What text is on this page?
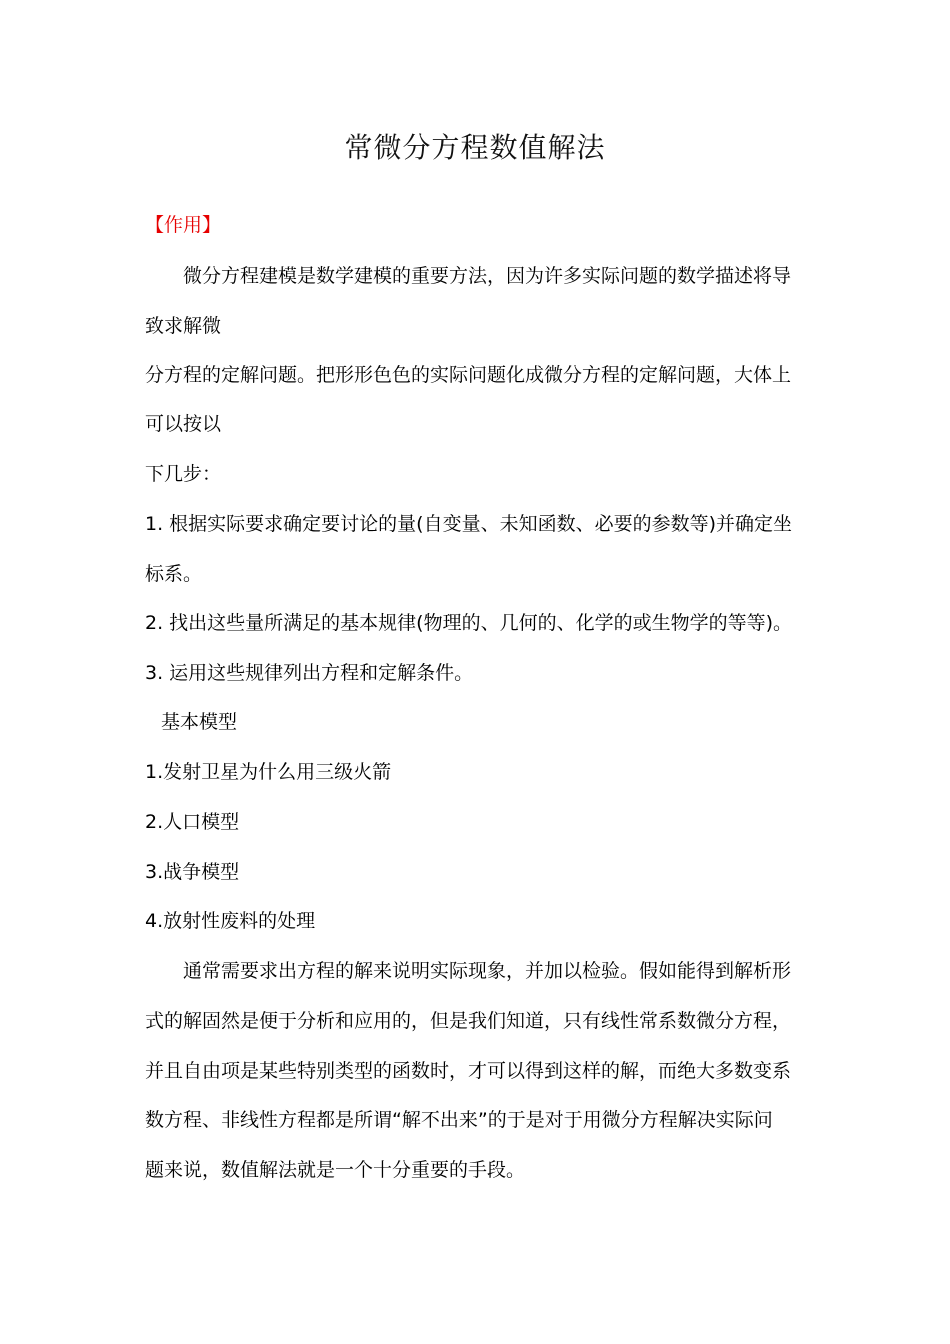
常微分方程数值解法
【作用】
微分方程建模是数学建模的重要方法，因为许多实际问题的数学描述将导
致求解微
分方程的定解问题。把形形色色的实际问题化成微分方程的定解问题，大体上
可以按以
下几步：
1. 根据实际要求确定要讨论的量(自变量、未知函数、必要的参数等)并确定坐
标系。
2. 找出这些量所满足的基本规律(物理的、几何的、化学的或生物学的等等)。
3. 运用这些规律列出方程和定解条件。
基本模型
1.发射卫星为什么用三级火箭
2.人口模型
3.战争模型
4.放射性废料的处理
通常需要求出方程的解来说明实际现象，并加以检验。假如能得到解析形
式的解固然是便于分析和应用的，但是我们知道，只有线性常系数微分方程，
并且自由项是某些特别类型的函数时，才可以得到这样的解，而绝大多数变系
数方程、非线性方程都是所谓“解不出来”的于是对于用微分方程解决实际问
题来说，数值解法就是一个十分重要的手段。
